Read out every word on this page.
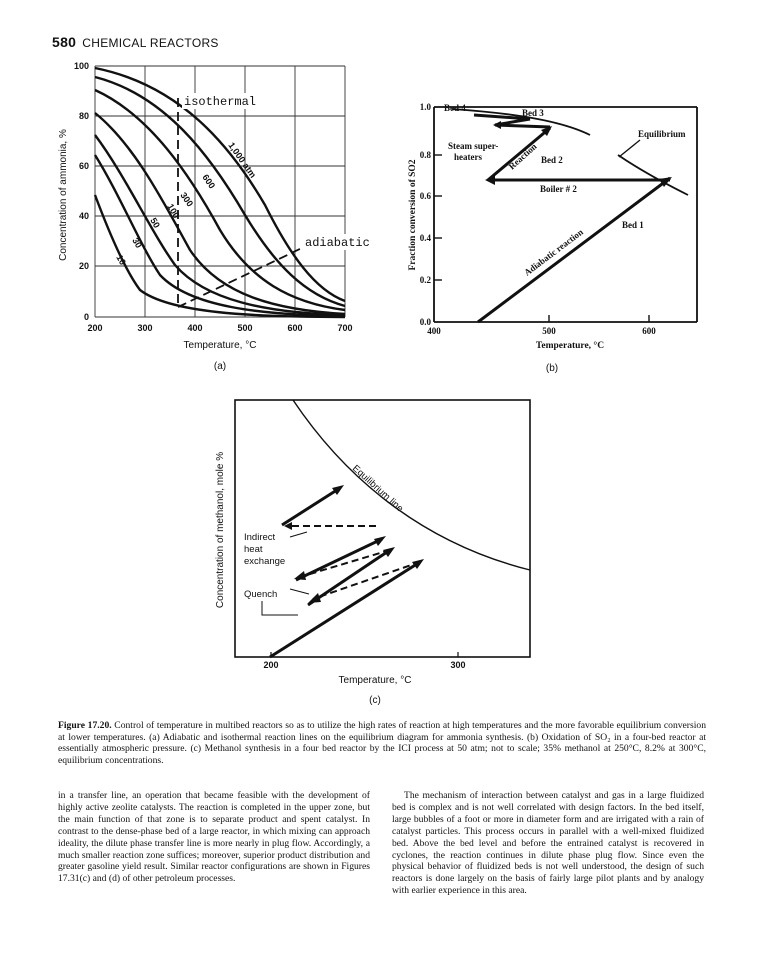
580 CHEMICAL REACTORS
isothermal
adiabatic
1,000 atm
600
300
100
50
30
10
0
20
40
60
80
100
200	300	400	500	600	700
Concentration of ammonia, %
Temperature, °C
(a)
Bed 4	Bed 3
Steam super-
heaters	Reaction Bed 2
Equilibrium
Boiler # 2
Bed 1
Adiabatic reaction
0.0
0.2
0.4
0.6
0.8
1.0
400	500	600
Fraction conversion of SO2
Temperature, °C
(b)
Equilibrium line
Indirect
heat
exchange
Quench
200	300
Concentration of methanol, mole %
Temperature, °C
(c)
Figure 17.20. Control of temperature in multibed reactors so as to utilize the high rates of reaction at high temperatures and the more favorable equilibrium conversion at lower temperatures. (a) Adiabatic and isothermal reaction lines on the equilibrium diagram for ammonia synthesis. (b) Oxidation of SO₂ in a four-bed reactor at essentially atmospheric pressure. (c) Methanol synthesis in a four bed reactor by the ICI process at 50 atm; not to scale; 35% methanol at 250°C, 8.2% at 300°C, equilibrium concentrations.
in a transfer line, an operation that became feasible with the development of highly active zeolite catalysts. The reaction is completed in the upper zone, but the main function of that zone is to separate product and spent catalyst. In contrast to the dense-phase bed of a large reactor, in which mixing can approach ideality, the dilute phase transfer line is more nearly in plug flow. Accordingly, a much smaller reaction zone suffices; moreover, superior product distribution and greater gasoline yield result. Similar reactor configurations are shown in Figures 17.31(c) and (d) of other petroleum processes.
The mechanism of interaction between catalyst and gas in a large fluidized bed is complex and is not well correlated with design factors. In the bed itself, large bubbles of a foot or more in diameter form and are irrigated with a rain of catalyst particles. This process occurs in parallel with a well-mixed fluidized bed. Above the bed level and before the entrained catalyst is recovered in cyclones, the reaction continues in dilute phase plug flow. Since even the physical behavior of fluidized beds is not well understood, the design of such reactors is done largely on the basis of fairly large pilot plants and by analogy with earlier experience in this area.
